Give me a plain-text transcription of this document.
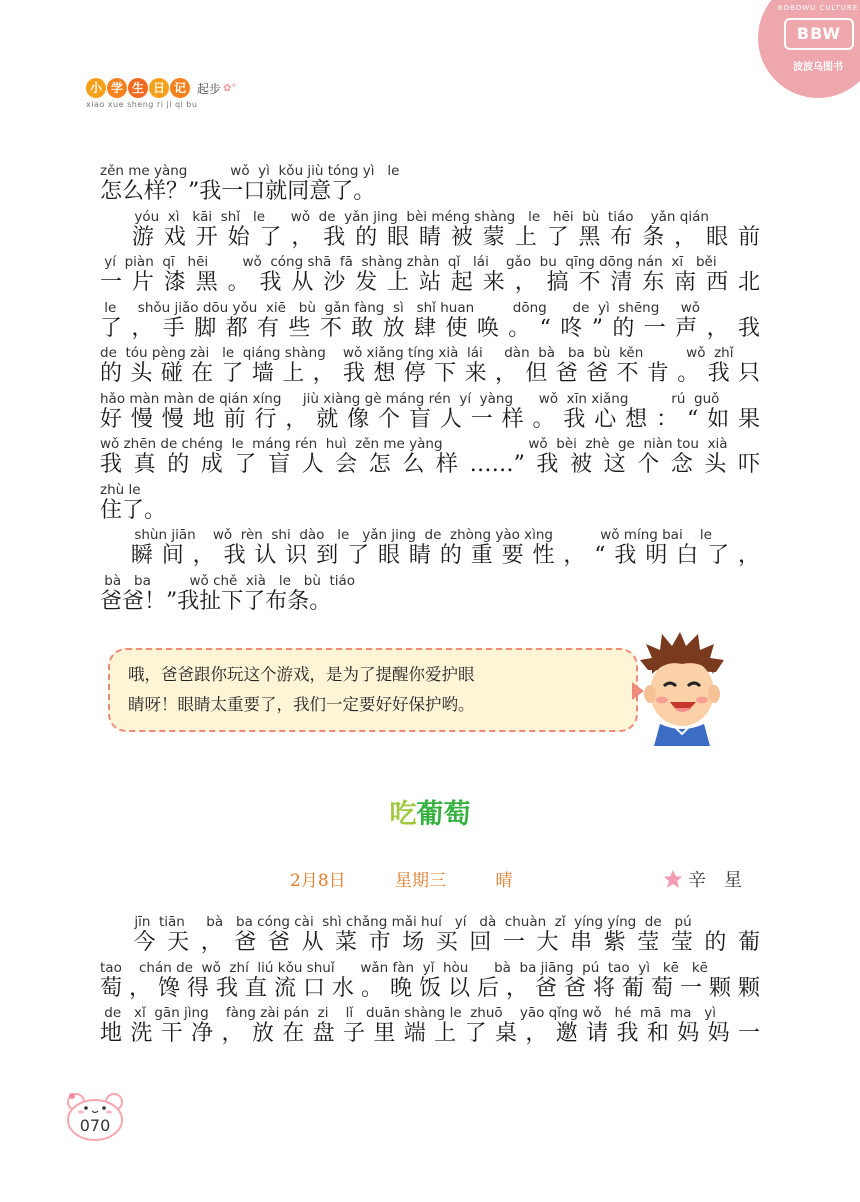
BOBOWU CULTURE
BBW
波波乌图书
小 学 生 日 记 起步 ✿°
xiao xue sheng ri ji qi bu
zěn me yàng          wǒ  yì  kǒu jiù tóng yì   le
怎么样？”我一口就同意了。
yóu  xì   kāi  shǐ   le      wǒ  de  yǎn jing  bèi méng shàng   le   hēi  bù  tiáo    yǎn qián
　游戏开始了，我的眼睛被蒙上了黑布条，眼前
yí  piàn  qī   hēi        wǒ  cóng shā  fā  shàng zhàn  qǐ   lái    gǎo  bu  qīng dōng nán  xī   běi
一片漆黑。我从沙发上站起来，搞不清东南西北
le     shǒu jiǎo dōu yǒu  xiē   bù  gǎn fàng  sì   shǐ huan         dōng      de  yì  shēng     wǒ
了，手脚都有些不敢放肆使唤。“咚”的一声，我
de  tóu pèng zài   le  qiáng shàng    wǒ xiǎng tíng xià  lái     dàn  bà   ba  bù  kěn          wǒ  zhǐ
的头碰在了墙上，我想停下来，但爸爸不肯。我只
hǎo màn màn de qián xíng     jiù xiàng gè máng rén  yí  yàng      wǒ  xīn xiǎng          rú  guǒ
好慢慢地前行，就像个盲人一样。我心想：“如果
wǒ zhēn de chéng  le  máng rén  huì  zěn me yàng                    wǒ  bèi  zhè  ge  niàn tou  xià
我真的成了盲人会怎么样……”我被这个念头吓
zhù le
住了。
shùn jiān    wǒ  rèn  shi  dào   le   yǎn jing  de  zhòng yào xìng           wǒ míng bai    le
　瞬间，我认识到了眼睛的重要性，“我明白了，
bà   ba         wǒ chě  xià   le   bù  tiáo
爸爸！”我扯下了布条。
哦，爸爸跟你玩这个游戏，是为了提醒你爱护眼
睛呀！眼睛太重要了，我们一定要好好保护哟。
吃葡萄
2月8日	星期三	晴	辛　星
jīn  tiān     bà   ba cóng cài  shì chǎng mǎi huí   yí   dà  chuàn  zǐ  yíng yíng  de   pú
　今天，爸爸从菜市场买回一大串紫莹莹的葡
tao    chán de  wǒ  zhí  liú kǒu shuǐ      wǎn fàn  yǐ  hòu      bà  ba jiāng  pú  tao  yì   kē   kē
萄，馋得我直流口水。晚饭以后，爸爸将葡萄一颗颗
de   xǐ  gān jìng    fàng zài pán  zi    lǐ   duān shàng le  zhuō    yāo qǐng wǒ   hé  mā  ma   yì
地洗干净，放在盘子里端上了桌，邀请我和妈妈一
070
